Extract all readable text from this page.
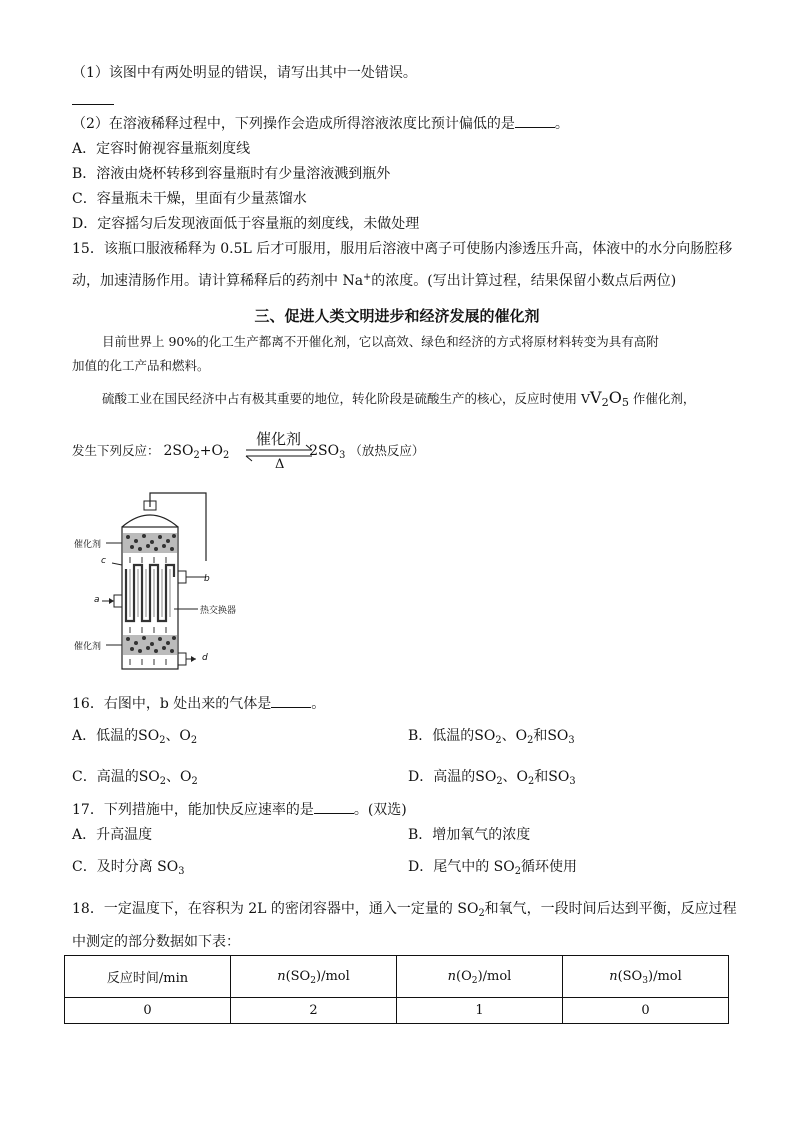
（1）该图中有两处明显的错误，请写出其中一处错误。
（2）在溶液稀释过程中，下列操作会造成所得溶液浓度比预计偏低的是	。
A．定容时俯视容量瓶刻度线
B．溶液由烧杯转移到容量瓶时有少量溶液溅到瓶外
C．容量瓶未干燥，里面有少量蒸馏水
D．定容摇匀后发现液面低于容量瓶的刻度线，未做处理
15．该瓶口服液稀释为 0.5L 后才可服用，服用后溶液中离子可使肠内渗透压升高，体液中的水分向肠腔移
动，加速清肠作用。请计算稀释后的药剂中 Na+的浓度。(写出计算过程，结果保留小数点后两位)
三、促进人类文明进步和经济发展的催化剂
目前世界上 90%的化工生产都离不开催化剂，它以高效、绿色和经济的方式将原材料转变为具有高附
加值的化工产品和燃料。
硫酸工业在国民经济中占有极其重要的地位，转化阶段是硫酸生产的核心，反应时使用 $VV_2O_5$ 作催化剂，
发生下列反应： $2SO_2+O_2$	$2SO_3$ （放热反应）
催化剂
Δ
催化剂
c
b
a
热交换器
催化剂
d
16．右图中，b 处出来的气体是	。
A．低温的$SO_2$、$O_2$	B．低温的$SO_2$、$O_2$和$SO_3$
C．高温的$SO_2$、$O_2$	D．高温的$SO_2$、$O_2$和$SO_3$
17．下列措施中，能加快反应速率的是	。(双选)
A．升高温度	B．增加氧气的浓度
C．及时分离 $SO_3$	D．尾气中的 $SO_2$循环使用
18．一定温度下，在容积为 2L 的密闭容器中，通入一定量的 $SO_2$和氧气，一段时间后达到平衡，反应过程
中测定的部分数据如下表：
反应时间/min	$n(SO_2)$/mol	$n(O_2)$/mol	$n(SO_3)$/mol
0	2	1	0
